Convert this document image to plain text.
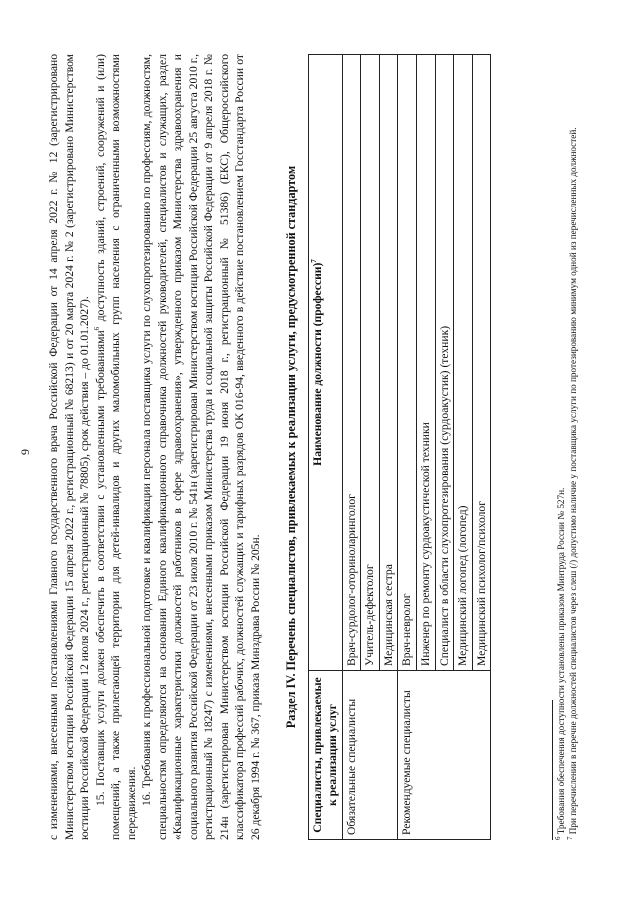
9 с изменениями, внесенными постановлениями Главного государственного врача Российской Федерации от 14 апреля 2022 г. № 12 (зарегистрировано Министерством юстиции Российской Федерации 15 апреля 2022 г., регистрационный № 68213) и от 20 марта 2024 г. № 2 (зарегистрировано Министерством юстиции Российской Федерации 12 июля 2024 г., регистрационный № 78805), срок действия – до 01.01.2027). 15. Поставщик услуги должен обеспечить в соответствии с установленными требованиями$^6$ доступность зданий, строений, сооружений и (или) помещений, а также прилегающей территории для детей-инвалидов и других маломобильных групп населения с ограниченными возможностями передвижения. 16. Требования к профессиональной подготовке и квалификации персонала поставщика услуги по слухопротезированию по профессиям, должностям, специальностям определяются на основании Единого квалификационного справочника должностей руководителей, специалистов и служащих, раздел «Квалификационные характеристики должностей работников в сфере здравоохранения», утвержденного приказом Министерства здравоохранения и социального развития Российской Федерации от 23 июля 2010 г. № 541н (зарегистрирован Министерством юстиции Российской Федерации 25 августа 2010 г., регистрационный № 18247) с изменениями, внесенными приказом Министерства труда и социальной защиты Российской Федерации от 9 апреля 2018 г. № 214н (зарегистрирован Министерством юстиции Российской Федерации 19 июня 2018 г., регистрационный № 51386) (ЕКС), Общероссийского классификатора профессий рабочих, должностей служащих и тарифных разрядов ОК 016-94, введенного в действие постановлением Госстандарта России от 26 декабря 1994 г. № 367, приказа Минздрава России № 205н. Раздел IV. Перечень специалистов, привлекаемых к реализации услуги, предусмотренной стандартом
Специалисты, привлекаемые к реализации услуг	Наименование должности (профессии)$^7$
Обязательные специалисты	Врач-сурдолог-оториноларинголог
	Учитель-дефектолог
	Медицинская сестра
Рекомендуемые специалисты	Врач-невролог
	Инженер по ремонту сурдоакустической техники
	Специалист в области слухопротезирования (сурдоакустик) (техник)
	Медицинский логопед (логопед)
	Медицинский психолог/психолог

$^6$ Требования обеспечения доступности установлены приказом Минтруда России № 527н.

$^7$ При перечислении в перечне должностей специалистов через слеш (/) допустимо наличие у поставщика услуги по протезированию минимум одной из перечисленных должностей.
